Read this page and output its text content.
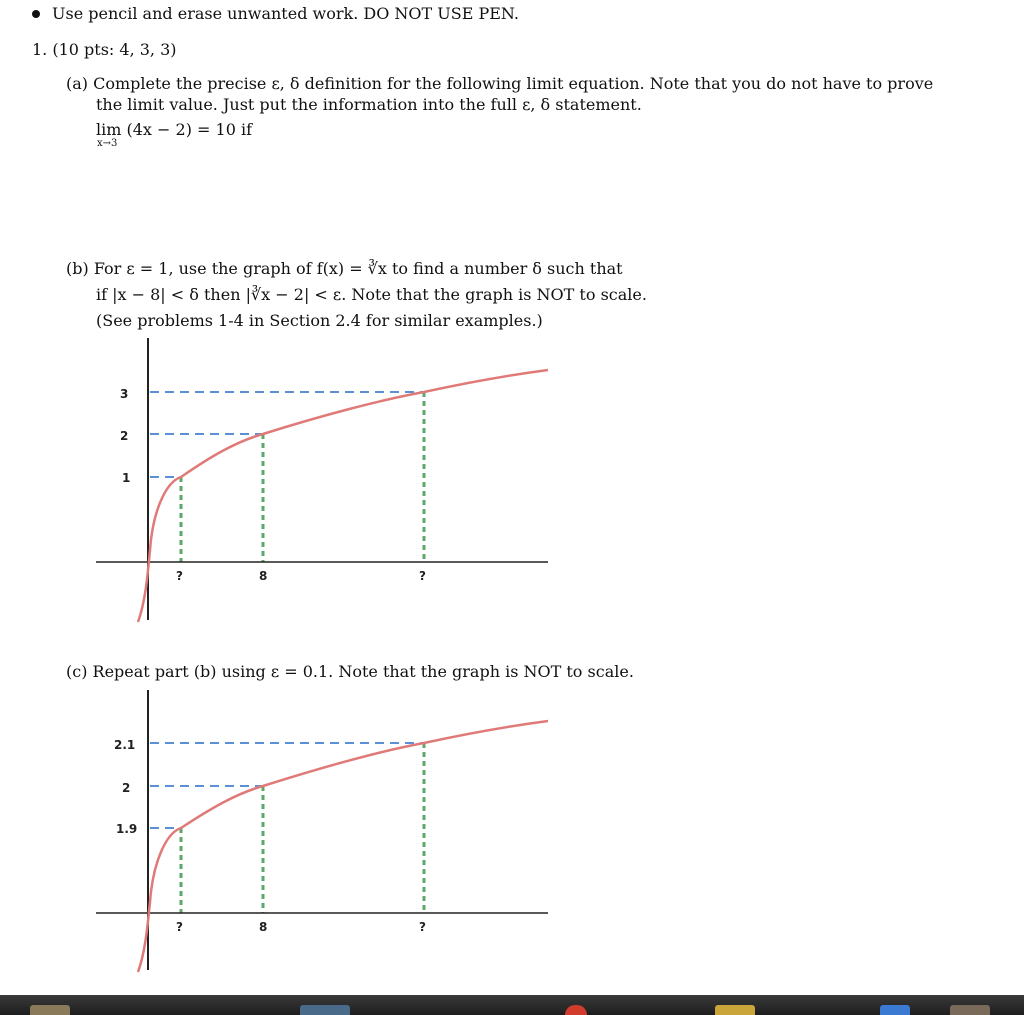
Use pencil and erase unwanted work. DO NOT USE PEN.
1. (10 pts: 4, 3, 3)
(a) Complete the precise ε, δ definition for the following limit equation. Note that you do not have to prove
the limit value. Just put the information into the full ε, δ statement.
lim (4x − 2) = 10 if
x→3
(b) For ε = 1, use the graph of f(x) = ∛x to find a number δ such that
if |x − 8| < δ then |∛x − 2| < ε. Note that the graph is NOT to scale.
(See problems 1-4 in Section 2.4 for similar examples.)
3
2
1
?	8	?
(c) Repeat part (b) using ε = 0.1. Note that the graph is NOT to scale.
2.1
2
1.9
?	8	?
